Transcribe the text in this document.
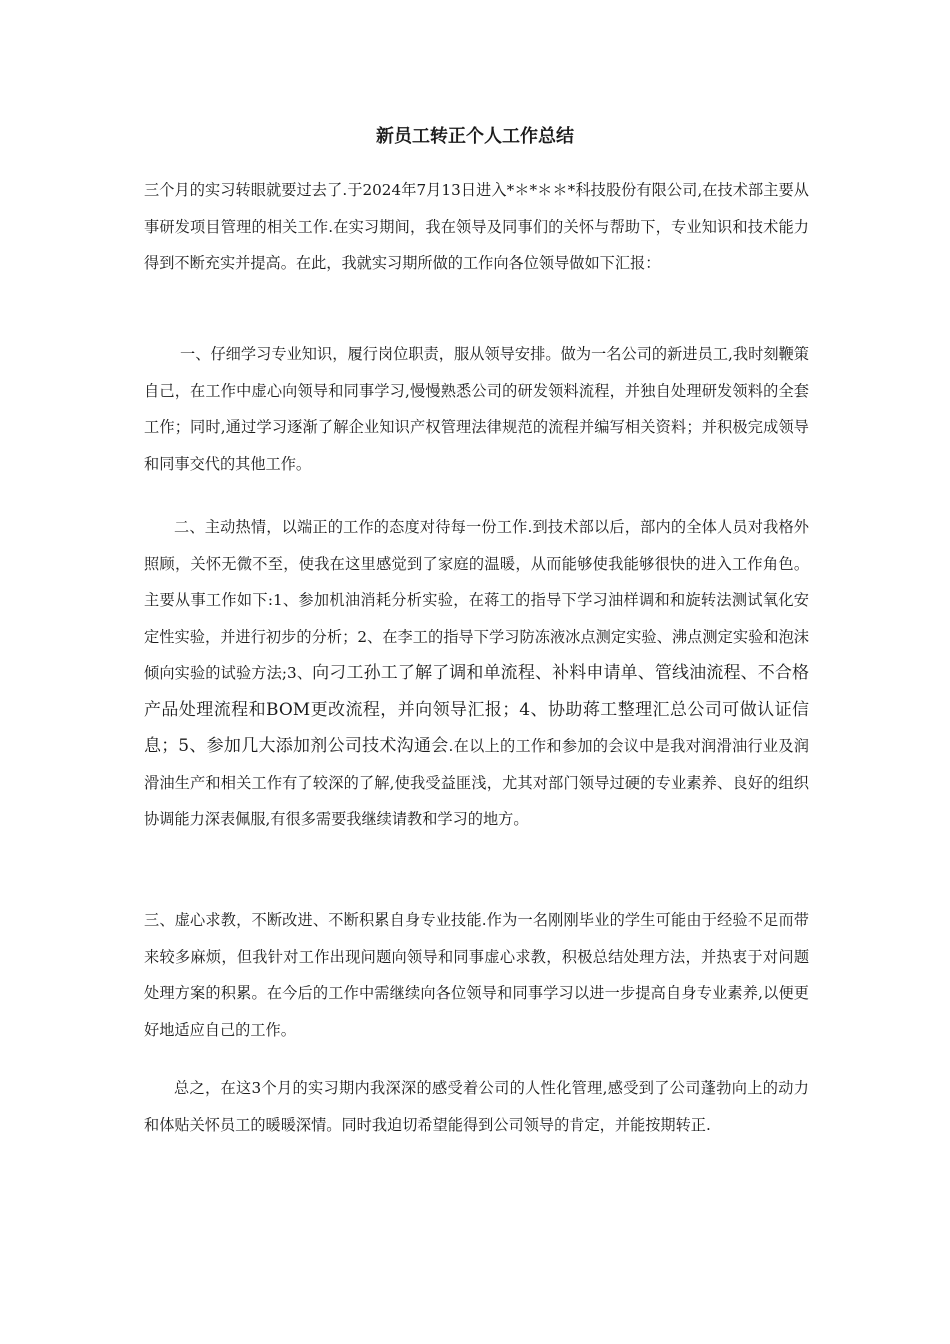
新员工转正个人工作总结

三个月的实习转眼就要过去了.于2024年7月13日进入*＊*＊＊*科技股份有限公司,在技术部主要从事研发项目管理的相关工作.在实习期间，我在领导及同事们的关怀与帮助下，专业知识和技术能力得到不断充实并提高。在此，我就实习期所做的工作向各位领导做如下汇报：

一、仔细学习专业知识，履行岗位职责，服从领导安排。做为一名公司的新进员工,我时刻鞭策自己，在工作中虚心向领导和同事学习,慢慢熟悉公司的研发领料流程，并独自处理研发领料的全套工作；同时,通过学习逐渐了解企业知识产权管理法律规范的流程并编写相关资料；并积极完成领导和同事交代的其他工作。

二、主动热情，以端正的工作的态度对待每一份工作.到技术部以后，部内的全体人员对我格外照顾，关怀无微不至，使我在这里感觉到了家庭的温暖，从而能够使我能够很快的进入工作角色。主要从事工作如下:1、参加机油消耗分析实验，在蒋工的指导下学习油样调和和旋转法测试氧化安定性实验，并进行初步的分析；2、在李工的指导下学习防冻液冰点测定实验、沸点测定实验和泡沫倾向实验的试验方法;3、向刁工孙工了解了调和单流程、补料申请单、管线油流程、不合格产品处理流程和BOM更改流程，并向领导汇报；4、协助蒋工整理汇总公司可做认证信息；5、参加几大添加剂公司技术沟通会.在以上的工作和参加的会议中是我对润滑油行业及润滑油生产和相关工作有了较深的了解,使我受益匪浅，尤其对部门领导过硬的专业素养、良好的组织协调能力深表佩服,有很多需要我继续请教和学习的地方。

三、虚心求教，不断改进、不断积累自身专业技能.作为一名刚刚毕业的学生可能由于经验不足而带来较多麻烦，但我针对工作出现问题向领导和同事虚心求教，积极总结处理方法，并热衷于对问题处理方案的积累。在今后的工作中需继续向各位领导和同事学习以进一步提高自身专业素养,以便更好地适应自己的工作。

总之，在这3个月的实习期内我深深的感受着公司的人性化管理,感受到了公司蓬勃向上的动力和体贴关怀员工的暖暖深情。同时我迫切希望能得到公司领导的肯定，并能按期转正.
